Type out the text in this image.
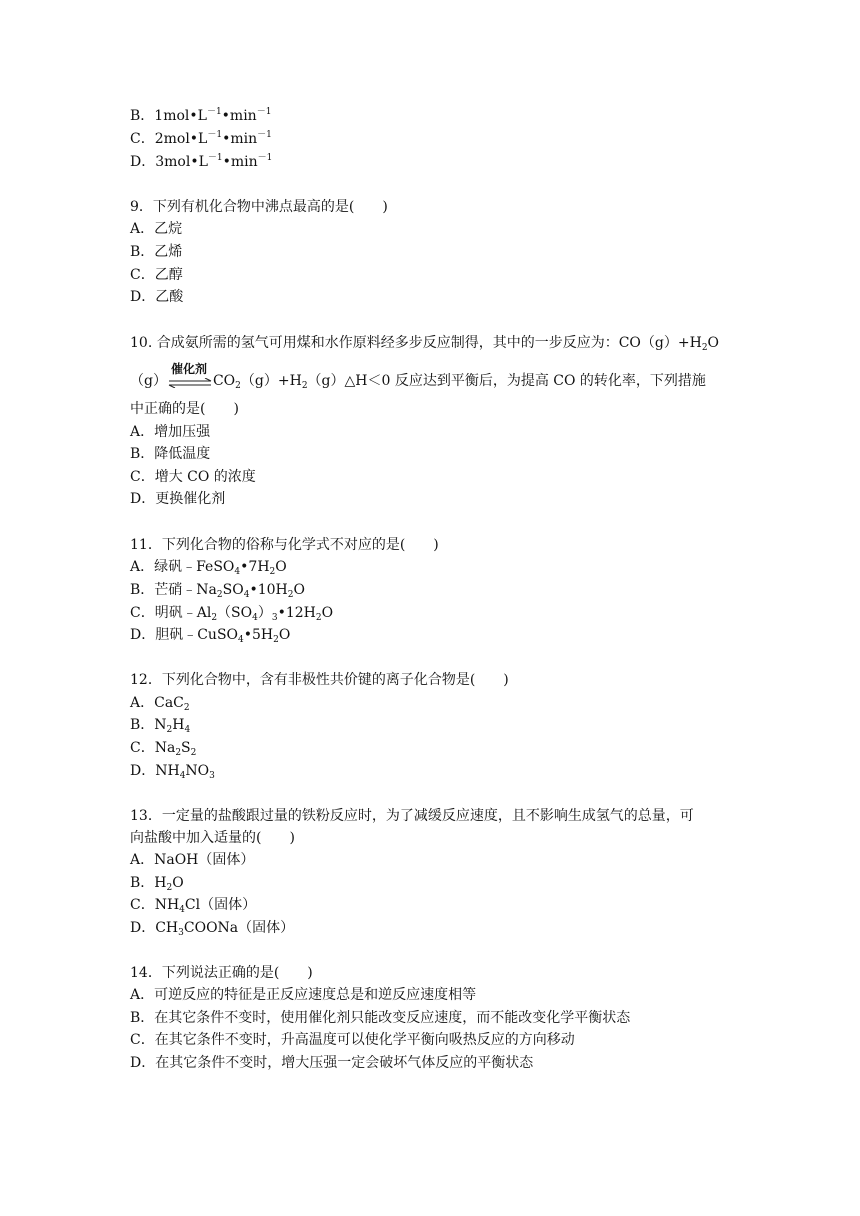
B．$1mol•L^{-1}•\min^{-1}$
C．$2mol•L^{-1}•\min^{-1}$
D．$3mol•L^{-1}•\min^{-1}$
9．下列有机化合物中沸点最高的是( )
A．乙烷
B．乙烯
C．乙醇
D．乙酸
10. 合成氨所需的氢气可用煤和水作原料经多步反应制得，其中的一步反应为：$CO(g)+H_2O$
（g）
催化剂
$CO_2(g)+H_2(g)\triangle H<0$ 反应达到平衡后，为提高 CO 的转化率，下列措施
中正确的是( )
A．增加压强
B．降低温度
C．增大 CO 的浓度
D．更换催化剂
11．下列化合物的俗称与化学式不对应的是( )
A．绿矾$﹣FeSO_4•7H_2O$
B．芒硝$﹣Na_2SO_4•10H_2O$
C．明矾$﹣Al_2(SO_4)_3•12H_2O$
D．胆矾$﹣CuSO_4•5H_2O$
12．下列化合物中，含有非极性共价键的离子化合物是( )
A．CaC$_2$
B．$N_2H_4$
C．$Na_2S_2$
D．$NH_4NO_3$
13．一定量的盐酸跟过量的铁粉反应时，为了减缓反应速度，且不影响生成氢气的总量，可
向盐酸中加入适量的( )
A．NaOH（固体）
B．$H_2O$
C．$NH_4Cl$（固体）
D．$CH_3COONa$（固体）
14．下列说法正确的是( )
A．可逆反应的特征是正反应速度总是和逆反应速度相等
B．在其它条件不变时，使用催化剂只能改变反应速度，而不能改变化学平衡状态
C．在其它条件不变时，升高温度可以使化学平衡向吸热反应的方向移动
D．在其它条件不变时，增大压强一定会破坏气体反应的平衡状态
